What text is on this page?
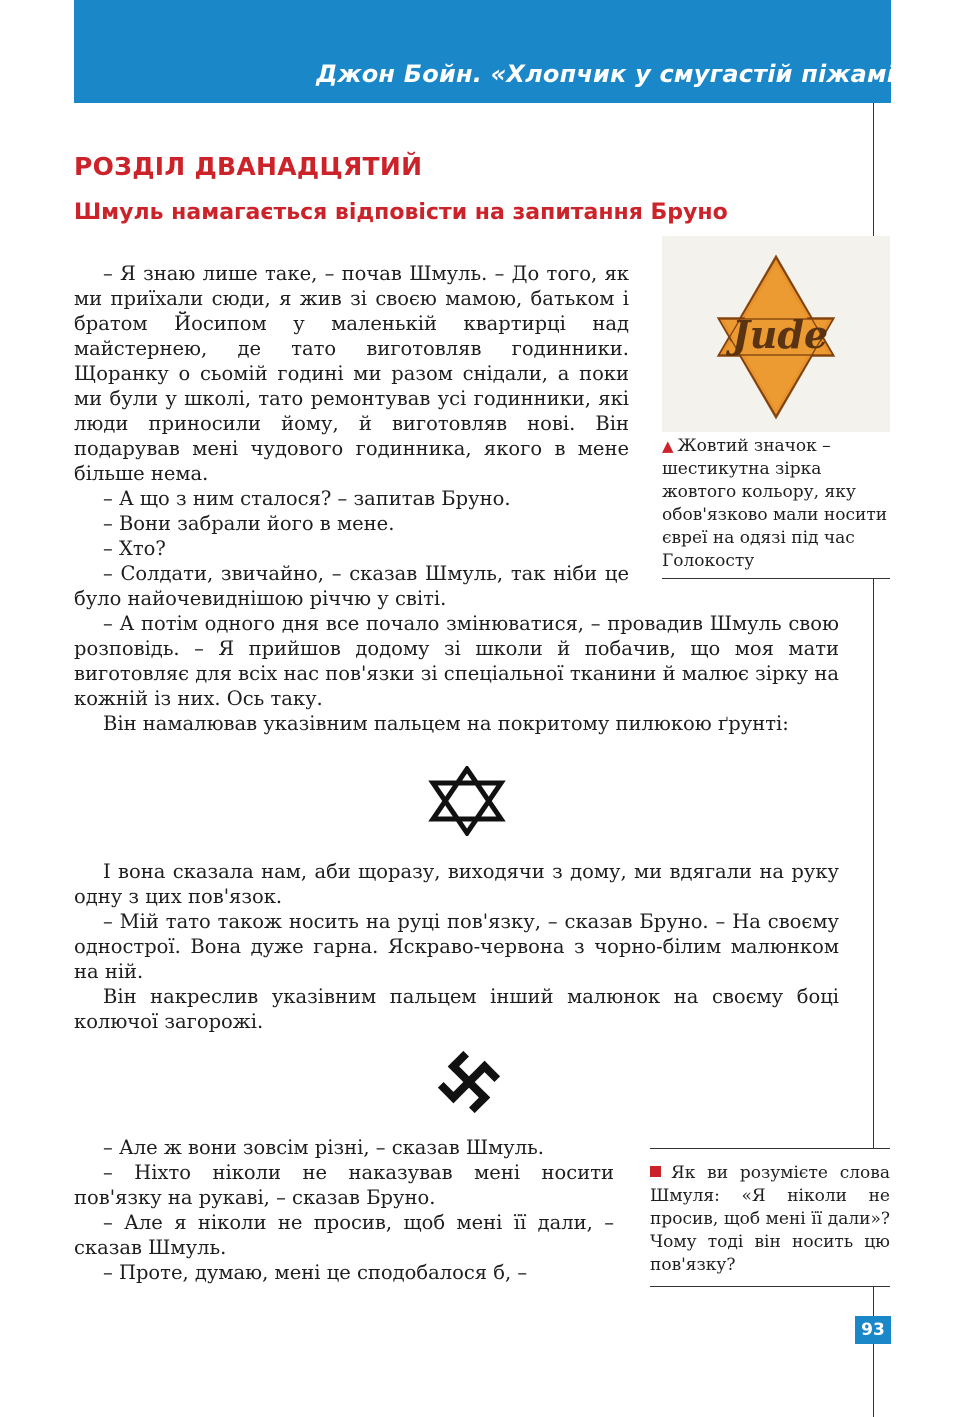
Джон Бойн. «Хлопчик у смугастій піжамі»
РОЗДІЛ ДВАНАДЦЯТИЙ
Шмуль намагається відповісти на запитання Бруно

– Я знаю лише таке, – почав Шмуль. – До того, як ми приїхали сюди, я жив зі своєю мамою, батьком і братом Йосипом у маленькій квартирці над майстернею, де тато виготовляв годинники. Щоранку о сьомій годині ми разом снідали, а поки ми були у школі, тато ремонтував усі годинники, які люди приносили йому, й виготовляв нові. Він подарував мені чудового годинника, якого в мене більше нема.

– А що з ним сталося? – запитав Бруно.

– Вони забрали його в мене.

– Хто?

– Солдати, звичайно, – сказав Шмуль, так ніби це було найочевиднішою річчю у світі.

Jude
▲ Жовтий значок – шестикутна зірка жовтого кольору, яку обов'язково мали носити євреї на одязі під час Голокосту

– А потім одного дня все почало змінюватися, – провадив Шмуль свою розповідь. – Я прийшов додому зі школи й побачив, що моя мати виготовляє для всіх нас пов'язки зі спеціальної тканини й малює зірку на кожній із них. Ось таку.

Він намалював указівним пальцем на покритому пилюкою ґрунті:

І вона сказала нам, аби щоразу, виходячи з дому, ми вдягали на руку одну з цих пов'язок.

– Мій тато також носить на руці пов'язку, – сказав Бруно. – На своєму однострої. Вона дуже гарна. Яскраво-червона з чорно-білим малюнком на ній.

Він накреслив указівним пальцем інший малюнок на своєму боці колючої загорожі.

– Але ж вони зовсім різні, – сказав Шмуль.

– Ніхто ніколи не наказував мені носити пов'язку на рукаві, – сказав Бруно.

– Але я ніколи не просив, щоб мені її дали, – сказав Шмуль.

– Проте, думаю, мені це сподобалося б, –

Як ви розумієте слова Шмуля: «Я ніколи не просив, щоб мені її дали»? Чому тоді він носить цю пов'язку?
93
